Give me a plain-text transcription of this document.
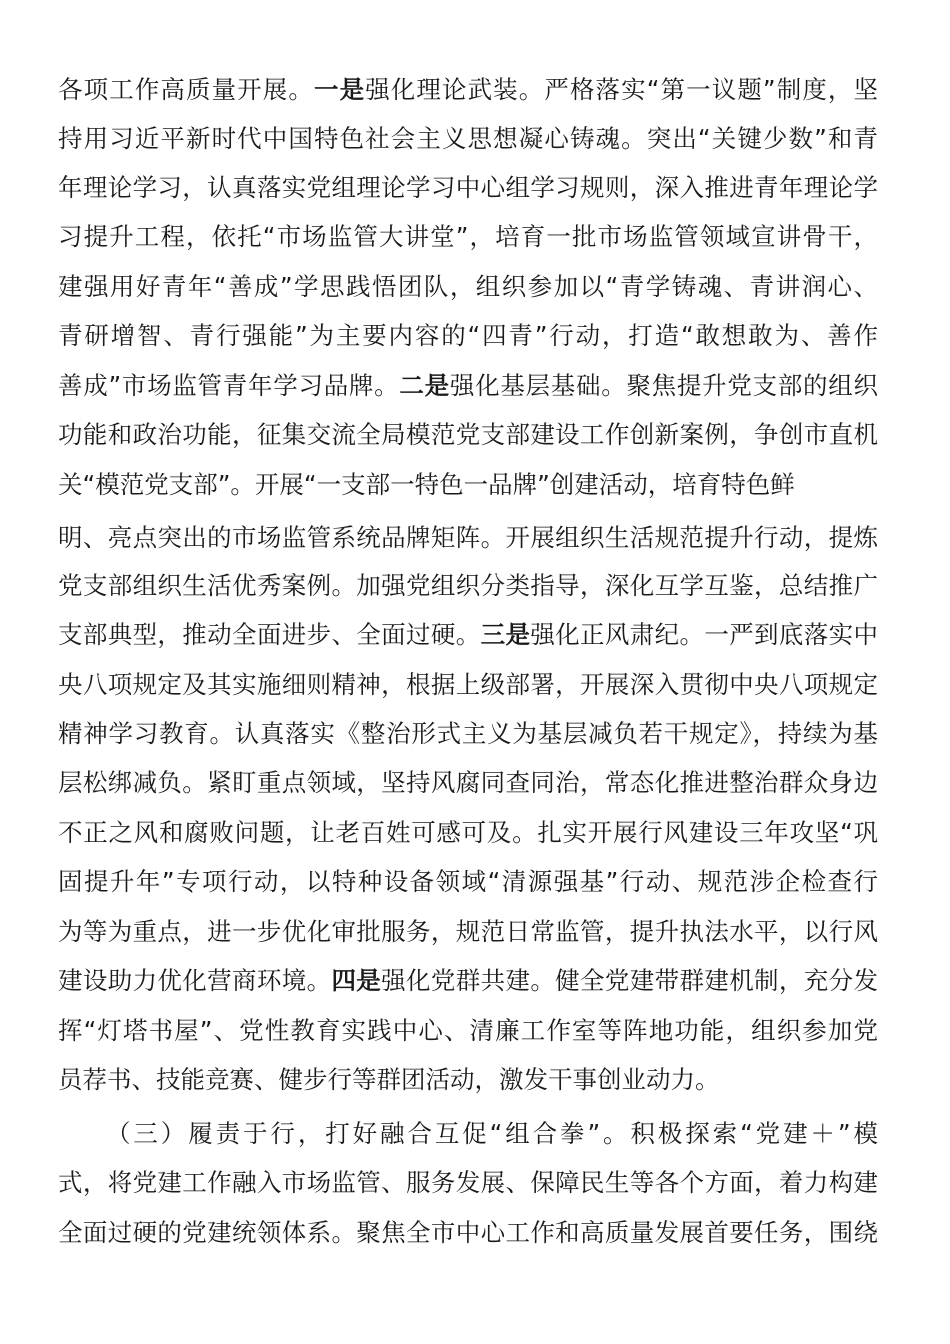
各项工作高质量开展。一是强化理论武装。严格落实“第一议题”制度，坚
持用习近平新时代中国特色社会主义思想凝心铸魂。突出“关键少数”和青
年理论学习，认真落实党组理论学习中心组学习规则，深入推进青年理论学
习提升工程，依托“市场监管大讲堂”，培育一批市场监管领域宣讲骨干，
建强用好青年“善成”学思践悟团队，组织参加以“青学铸魂、青讲润心、
青研增智、青行强能”为主要内容的“四青”行动，打造“敢想敢为、善作
善成”市场监管青年学习品牌。二是强化基层基础。聚焦提升党支部的组织
功能和政治功能，征集交流全局模范党支部建设工作创新案例，争创市直机
关“模范党支部”。开展“一支部一特色一品牌”创建活动，培育特色鲜
明、亮点突出的市场监管系统品牌矩阵。开展组织生活规范提升行动，提炼
党支部组织生活优秀案例。加强党组织分类指导，深化互学互鉴，总结推广
支部典型，推动全面进步、全面过硬。三是强化正风肃纪。一严到底落实中
央八项规定及其实施细则精神，根据上级部署，开展深入贯彻中央八项规定
精神学习教育。认真落实《整治形式主义为基层减负若干规定》，持续为基
层松绑减负。紧盯重点领域，坚持风腐同查同治，常态化推进整治群众身边
不正之风和腐败问题，让老百姓可感可及。扎实开展行风建设三年攻坚“巩
固提升年”专项行动，以特种设备领域“清源强基”行动、规范涉企检查行
为等为重点，进一步优化审批服务，规范日常监管，提升执法水平，以行风
建设助力优化营商环境。四是强化党群共建。健全党建带群建机制，充分发
挥“灯塔书屋”、党性教育实践中心、清廉工作室等阵地功能，组织参加党
员荐书、技能竞赛、健步行等群团活动，激发干事创业动力。
（三）履责于行，打好融合互促“组合拳”。积极探索“党建＋”模
式，将党建工作融入市场监管、服务发展、保障民生等各个方面，着力构建
全面过硬的党建统领体系。聚焦全市中心工作和高质量发展首要任务，围绕
